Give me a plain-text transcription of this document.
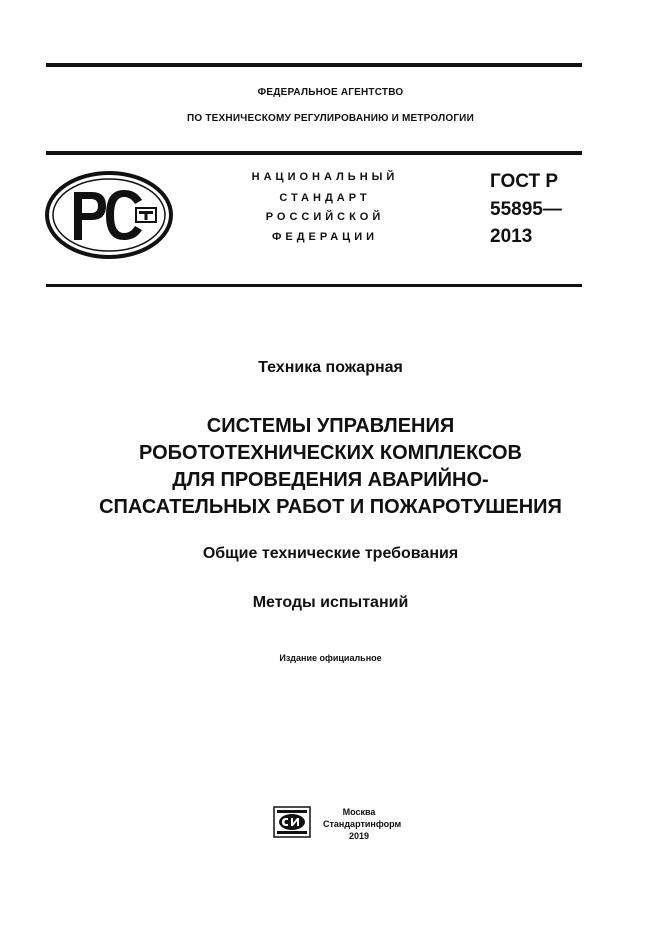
ФЕДЕРАЛЬНОЕ АГЕНТСТВО
ПО ТЕХНИЧЕСКОМУ РЕГУЛИРОВАНИЮ И МЕТРОЛОГИИ
НАЦИОНАЛЬНЫЙ
СТАНДАРТ
РОССИЙСКОЙ
ФЕДЕРАЦИИ
ГОСТ Р
55895—
2013
Техника пожарная
СИСТЕМЫ УПРАВЛЕНИЯ
РОБОТОТЕХНИЧЕСКИХ КОМПЛЕКСОВ
ДЛЯ ПРОВЕДЕНИЯ АВАРИЙНО-
СПАСАТЕЛЬНЫХ РАБОТ И ПОЖАРОТУШЕНИЯ
Общие технические требования
Методы испытаний
Издание официальное
Москва
Стандартинформ
2019
